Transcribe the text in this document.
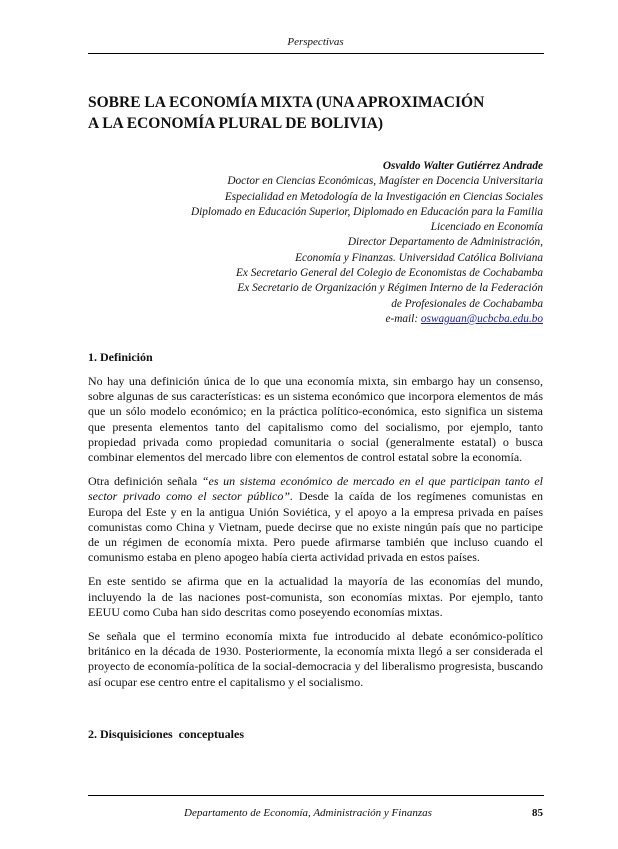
Perspectivas
SOBRE LA ECONOMÍA MIXTA (UNA APROXIMACIÓN
A LA ECONOMÍA PLURAL DE BOLIVIA)
Osvaldo Walter Gutiérrez Andrade
Doctor en Ciencias Económicas, Magíster en Docencia Universitaria
Especialidad en Metodología de la Investigación en Ciencias Sociales
Diplomado en Educación Superior, Diplomado en Educación para la Familia
Licenciado en Economía
Director Departamento de Administración,
Economía y Finanzas. Universidad Católica Boliviana
Ex Secretario General del Colegio de Economistas de Cochabamba
Ex Secretario de Organización y Régimen Interno de la Federación
de Profesionales de Cochabamba
e-mail: oswaguan@ucbcba.edu.bo
1. Definición

No hay una definición única de lo que una economía mixta, sin embargo hay un consenso, sobre algunas de sus características: es un sistema económico que incorpora elementos de más que un sólo modelo económico; en la práctica político-económica, esto significa un sistema que presenta elementos tanto del capitalismo como del socialismo, por ejemplo, tanto propiedad privada como propiedad comunitaria o social (generalmente estatal) o busca combinar elementos del mercado libre con elementos de control estatal sobre la economía.

Otra definición señala “es un sistema económico de mercado en el que participan tanto el sector privado como el sector público”. Desde la caída de los regímenes comunistas en Europa del Este y en la antigua Unión Soviética, y el apoyo a la empresa privada en países comunistas como China y Vietnam, puede decirse que no existe ningún país que no participe de un régimen de economía mixta. Pero puede afirmarse también que incluso cuando el comunismo estaba en pleno apogeo había cierta actividad privada en estos países.

En este sentido se afirma que en la actualidad la mayoría de las economías del mundo, incluyendo la de las naciones post-comunista, son economías mixtas. Por ejemplo, tanto EEUU como Cuba han sido descritas como poseyendo economías mixtas.

Se señala que el termino economía mixta fue introducido al debate económico-político británico en la década de 1930. Posteriormente, la economía mixta llegó a ser considerada el proyecto de economía-política de la social-democracia y del liberalismo progresista, buscando así ocupar ese centro entre el capitalismo y el socialismo.

2. Disquisiciones  conceptuales
Departamento de Economía, Administración y Finanzas	85
